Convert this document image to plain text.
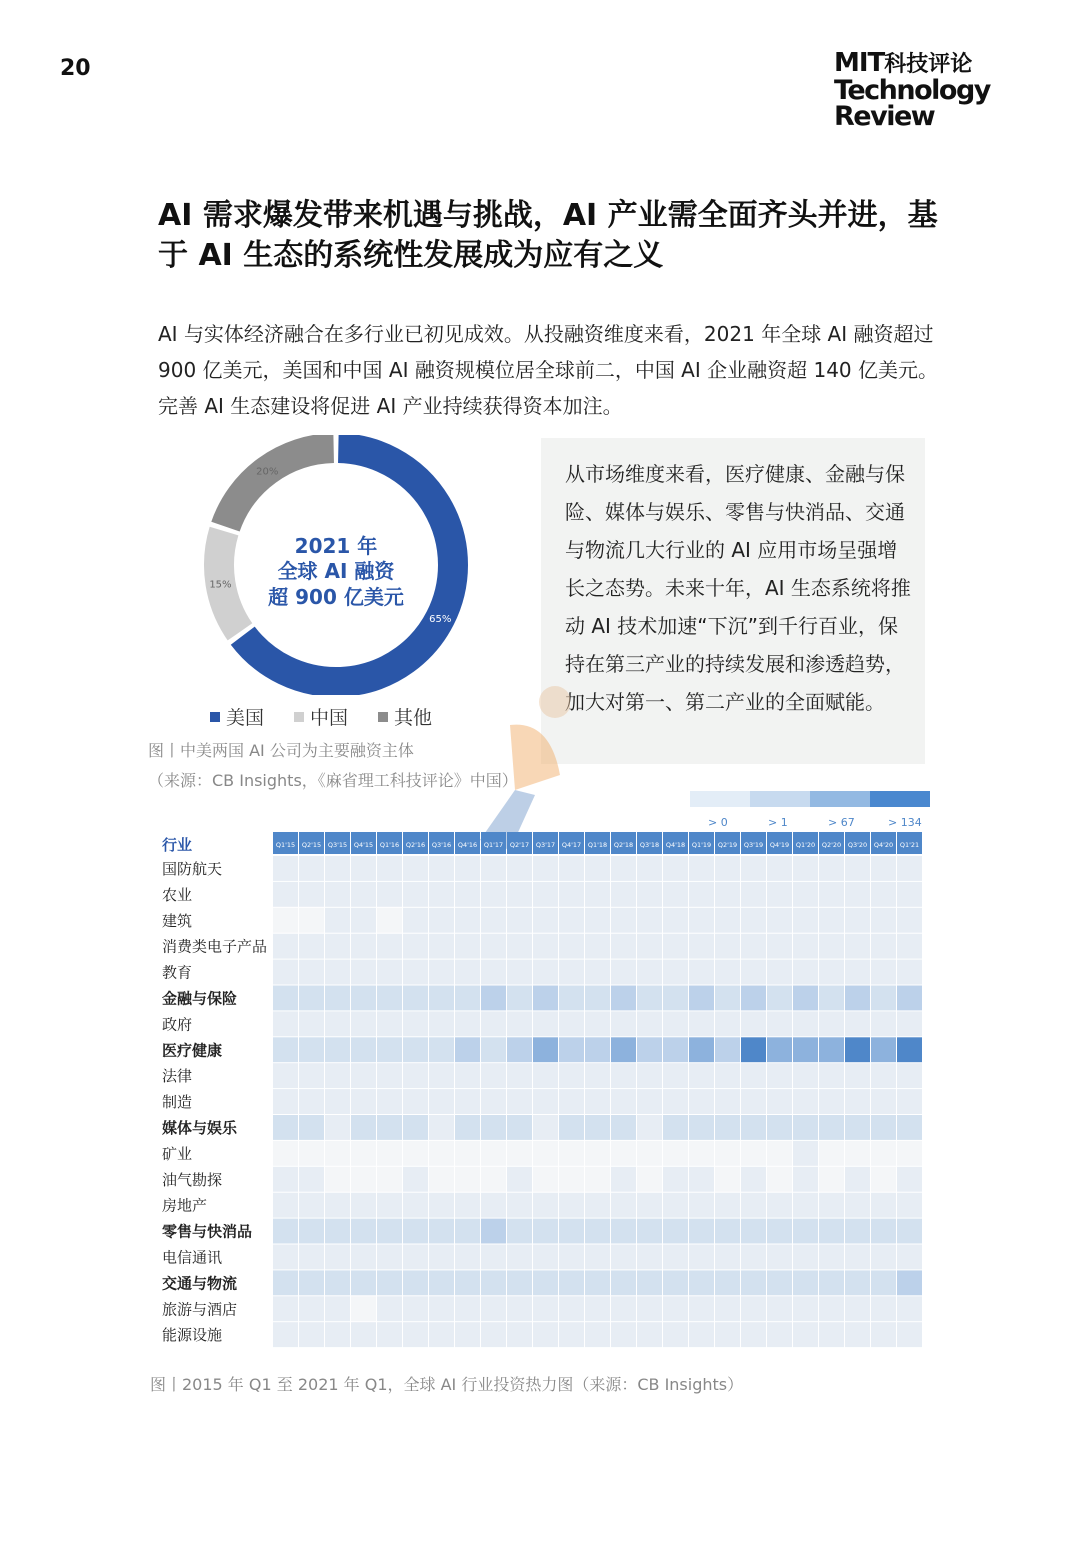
20	MIT科技评论
Technology
Review
AI 需求爆发带来机遇与挑战，AI 产业需全面齐头并进，基于 AI 生态的系统性发展成为应有之义

AI 与实体经济融合在多行业已初见成效。从投融资维度来看，2021 年全球 AI 融资超过 900 亿美元，美国和中国 AI 融资规模位居全球前二，中国 AI 企业融资超 140 亿美元。完善 AI 生态建设将促进 AI 产业持续获得资本加注。

65%
15%
20%
2021 年
全球 AI 融资
超 900 亿美元
美国 中国 其他
图丨中美两国 AI 公司为主要融资主体
（来源：CB Insights，《麻省理工科技评论》中国）

从市场维度来看，医疗健康、金融与保险、媒体与娱乐、零售与快消品、交通与物流几大行业的 AI 应用市场呈强增长之态势。未来十年，AI 生态系统将推动 AI 技术加速“下沉”到千行百业，保持在第三产业的持续发展和渗透趋势，加大对第一、第二产业的全面赋能。

> 0	> 1	> 67	> 134
行业	Q1'15 Q2'15 Q3'15 Q4'15 Q1'16 Q2'16 Q3'16 Q4'16 Q1'17 Q2'17 Q3'17 Q4'17 Q1'18 Q2'18 Q3'18 Q4'18 Q1'19 Q2'19 Q3'19 Q4'19 Q1'20 Q2'20 Q3'20 Q4'20 Q1'21
国防航天
农业
建筑
消费类电子产品
教育
金融与保险
政府
医疗健康
法律
制造
媒体与娱乐
矿业
油气勘探
房地产
零售与快消品
电信通讯
交通与物流
旅游与酒店
能源设施
图丨2015 年 Q1 至 2021 年 Q1，全球 AI 行业投资热力图（来源：CB Insights）
